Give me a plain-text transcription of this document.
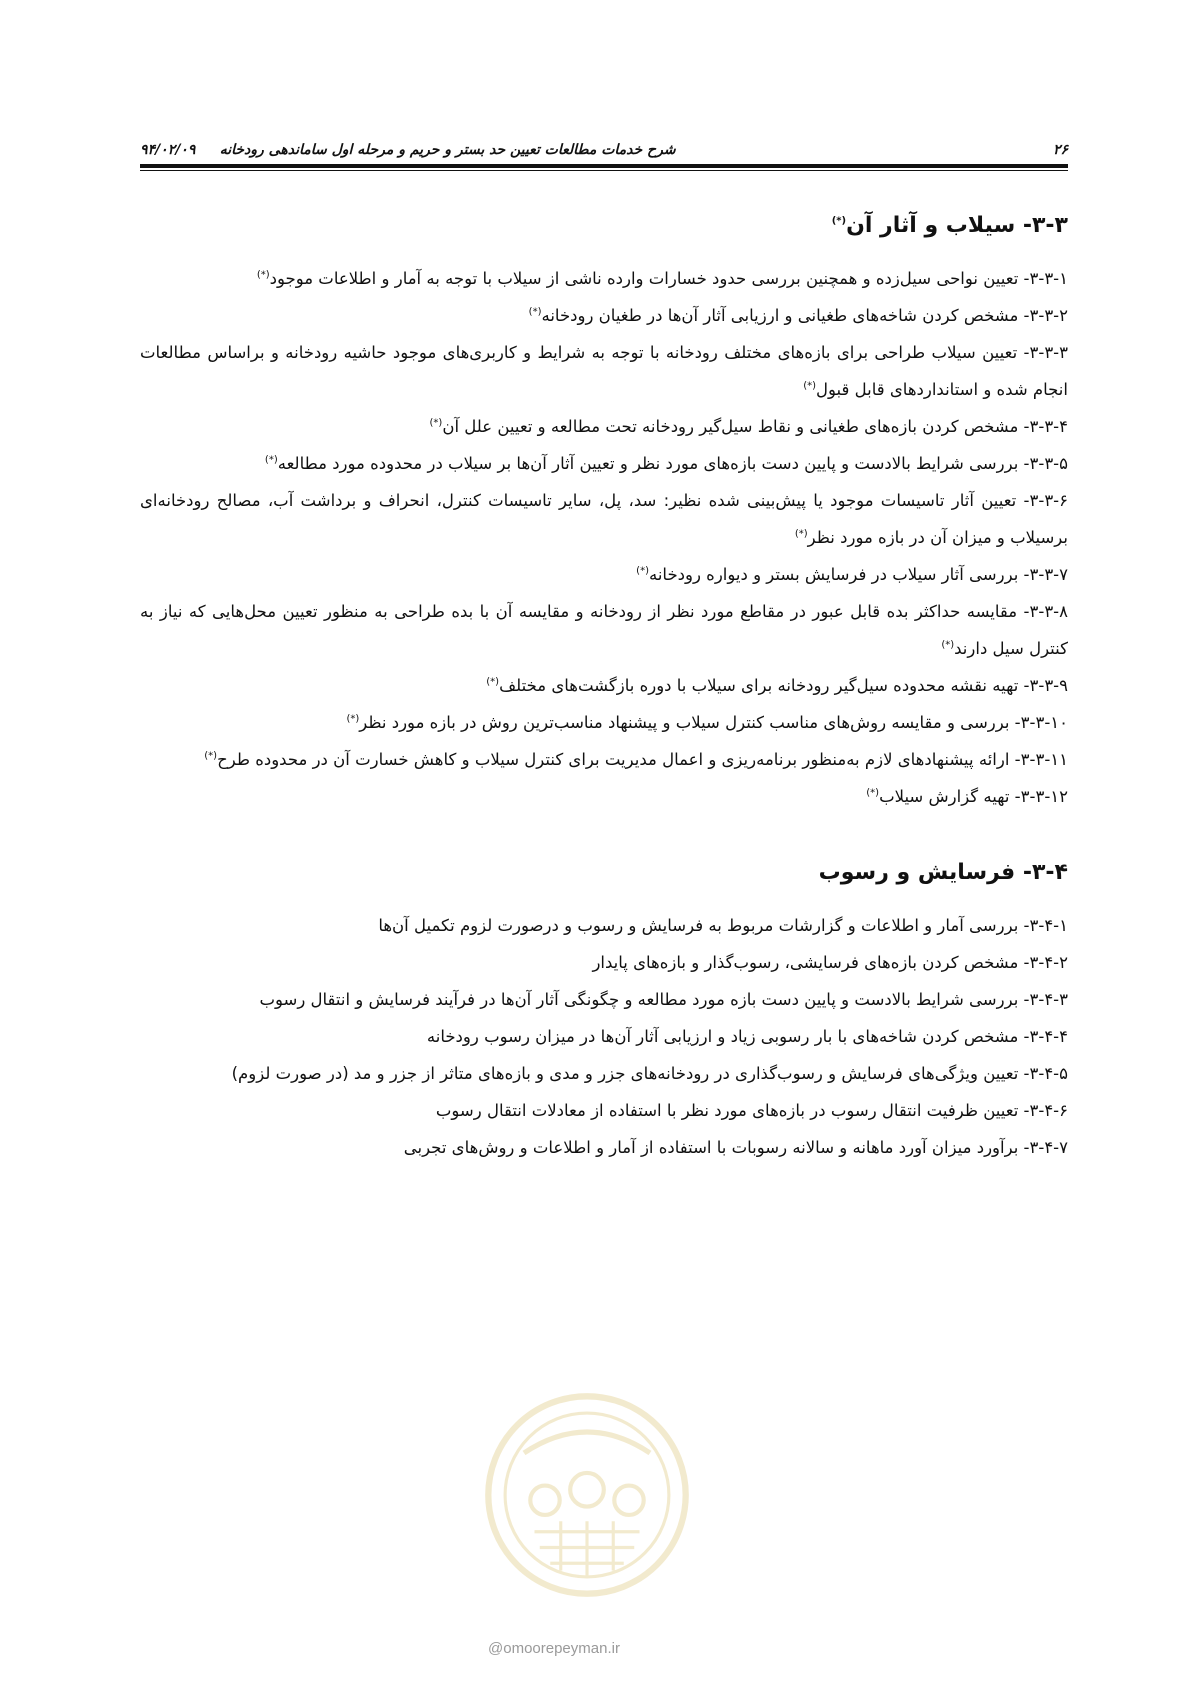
۲۶
شرح خدمات مطالعات تعیین حد بستر و حریم و مرحله اول ساماندهی رودخانه     ۹۴/۰۲/۰۹
۳-۳- سیلاب و آثار آن(*)

۳-۳-۱- تعیین نواحی سیل‌زده و همچنین بررسی حدود خسارات وارده ناشی از سیلاب با توجه به آمار و اطلاعات موجود(*)

۳-۳-۲- مشخص کردن شاخه‌های طغیانی و ارزیابی آثار آن‌ها در طغیان رودخانه(*)

۳-۳-۳- تعیین سیلاب طراحی برای بازه‌های مختلف رودخانه با توجه به شرایط و کاربری‌های موجود حاشیه رودخانه و براساس مطالعات انجام شده و استانداردهای قابل قبول(*)

۳-۳-۴- مشخص کردن بازه‌های طغیانی و نقاط سیل‌گیر رودخانه تحت مطالعه و تعیین علل آن(*)

۳-۳-۵- بررسی شرایط بالادست و پایین دست بازه‌های مورد نظر و تعیین آثار آن‌ها بر سیلاب در محدوده مورد مطالعه(*)

۳-۳-۶- تعیین آثار تاسیسات موجود یا پیش‌بینی شده نظیر: سد، پل، سایر تاسیسات کنترل، انحراف و برداشت آب، مصالح رودخانه‌ای برسیلاب و میزان آن در بازه مورد نظر(*)

۳-۳-۷- بررسی آثار سیلاب در فرسایش بستر و دیواره رودخانه(*)

۳-۳-۸- مقایسه حداکثر بده قابل عبور در مقاطع مورد نظر از رودخانه و مقایسه آن با بده طراحی به منظور تعیین محل‌هایی که نیاز به کنترل سیل دارند(*)

۳-۳-۹- تهیه نقشه محدوده سیل‌گیر رودخانه برای سیلاب با دوره بازگشت‌های مختلف(*)

۳-۳-۱۰- بررسی و مقایسه روش‌های مناسب کنترل سیلاب و پیشنهاد مناسب‌ترین روش در بازه مورد نظر(*)

۳-۳-۱۱- ارائه پیشنهادهای لازم به‌منظور برنامه‌ریزی و اعمال مدیریت برای کنترل سیلاب و کاهش خسارت آن در محدوده طرح(*)

۳-۳-۱۲- تهیه گزارش سیلاب(*)

۳-۴- فرسایش و رسوب

۳-۴-۱- بررسی آمار و اطلاعات و گزارشات مربوط به فرسایش و رسوب و درصورت لزوم تکمیل آن‌ها

۳-۴-۲- مشخص کردن بازه‌های فرسایشی، رسوب‌گذار و بازه‌های پایدار

۳-۴-۳- بررسی شرایط بالادست و پایین دست بازه مورد مطالعه و چگونگی آثار آن‌ها در فرآیند فرسایش و انتقال رسوب

۳-۴-۴- مشخص کردن شاخه‌های با بار رسوبی زیاد و ارزیابی آثار آن‌ها در میزان رسوب رودخانه

۳-۴-۵- تعیین ویژگی‌های فرسایش و رسوب‌گذاری در رودخانه‌های جزر و مدی و بازه‌های متاثر از جزر و مد (در صورت لزوم)

۳-۴-۶- تعیین ظرفیت انتقال رسوب در بازه‌های مورد نظر با استفاده از معادلات انتقال رسوب

۳-۴-۷- برآورد میزان آورد ماهانه و سالانه رسوبات با استفاده از آمار و اطلاعات و روش‌های تجربی

@omoorepeyman.ir
